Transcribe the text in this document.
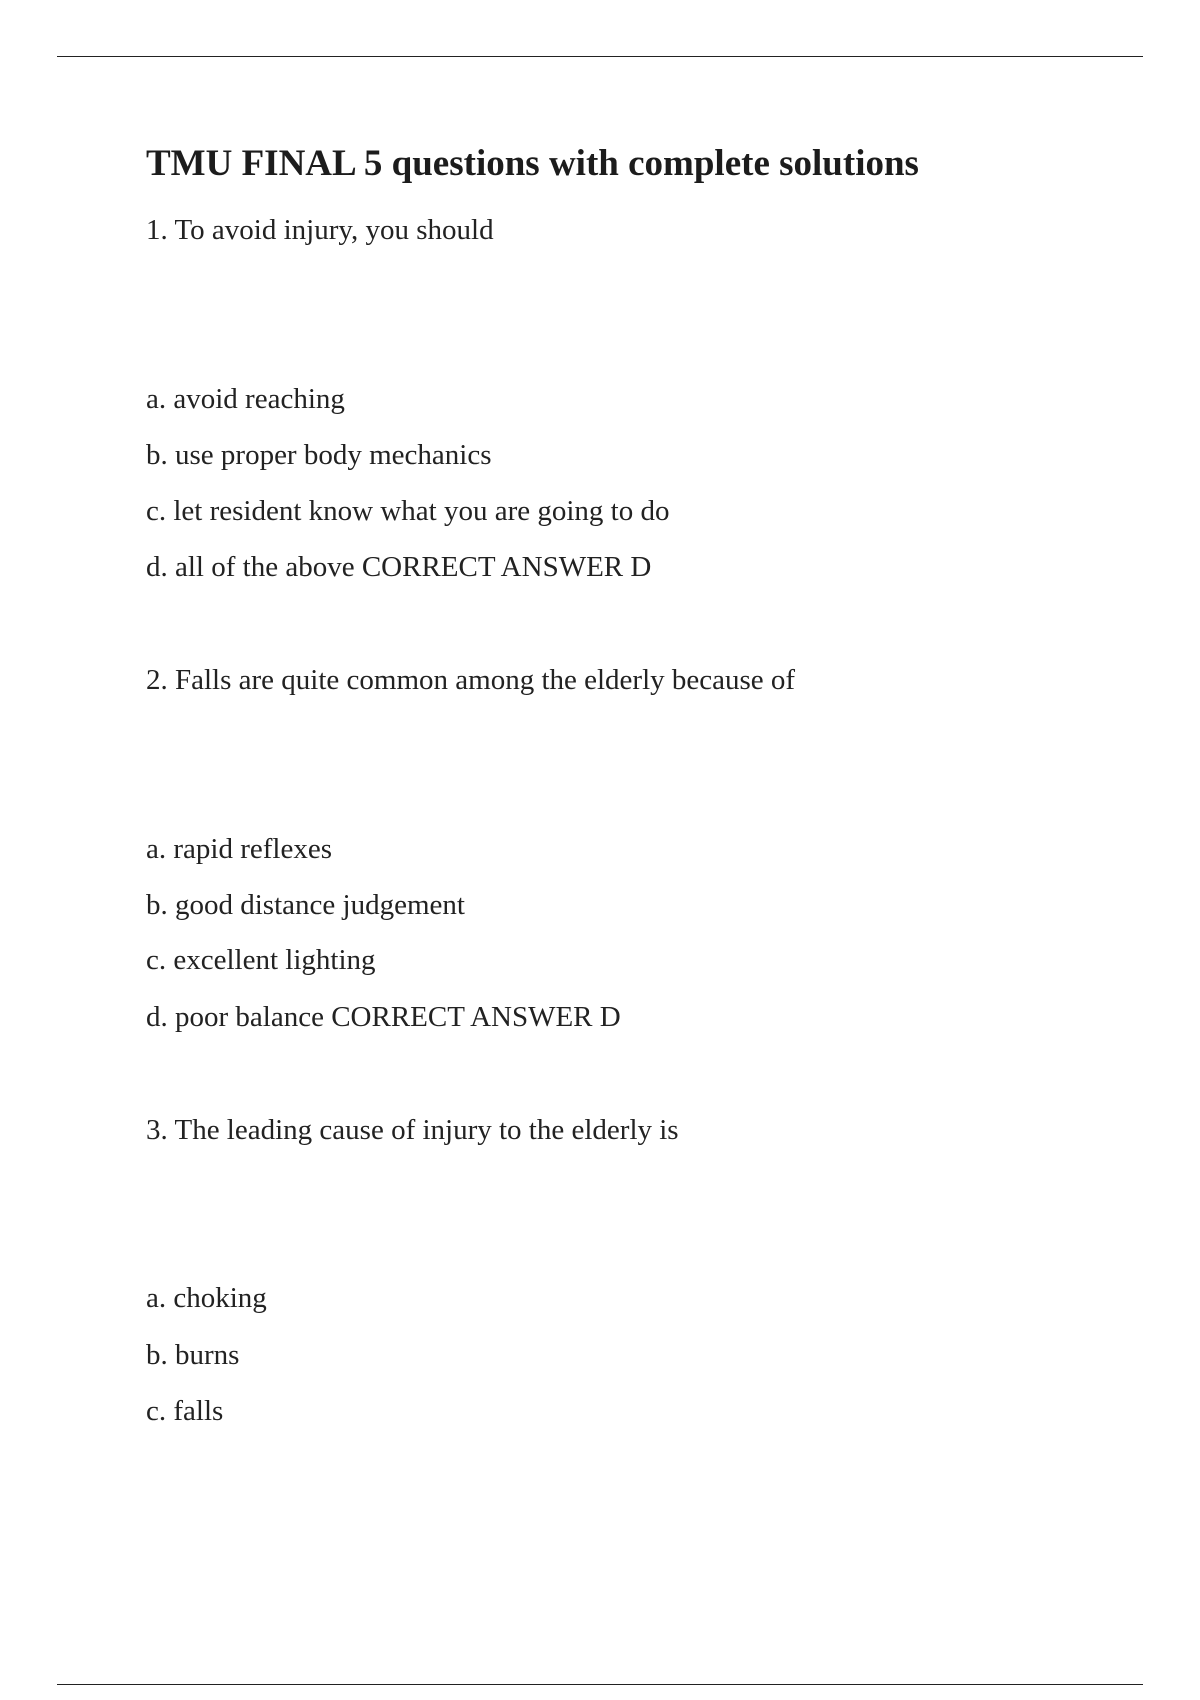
TMU FINAL 5 questions with complete solutions

1. To avoid injury, you should

a. avoid reaching

b. use proper body mechanics

c. let resident know what you are going to do

d. all of the above CORRECT ANSWER D

2. Falls are quite common among the elderly because of

a. rapid reflexes

b. good distance judgement

c. excellent lighting

d. poor balance CORRECT ANSWER D

3. The leading cause of injury to the elderly is

a. choking

b. burns

c. falls
